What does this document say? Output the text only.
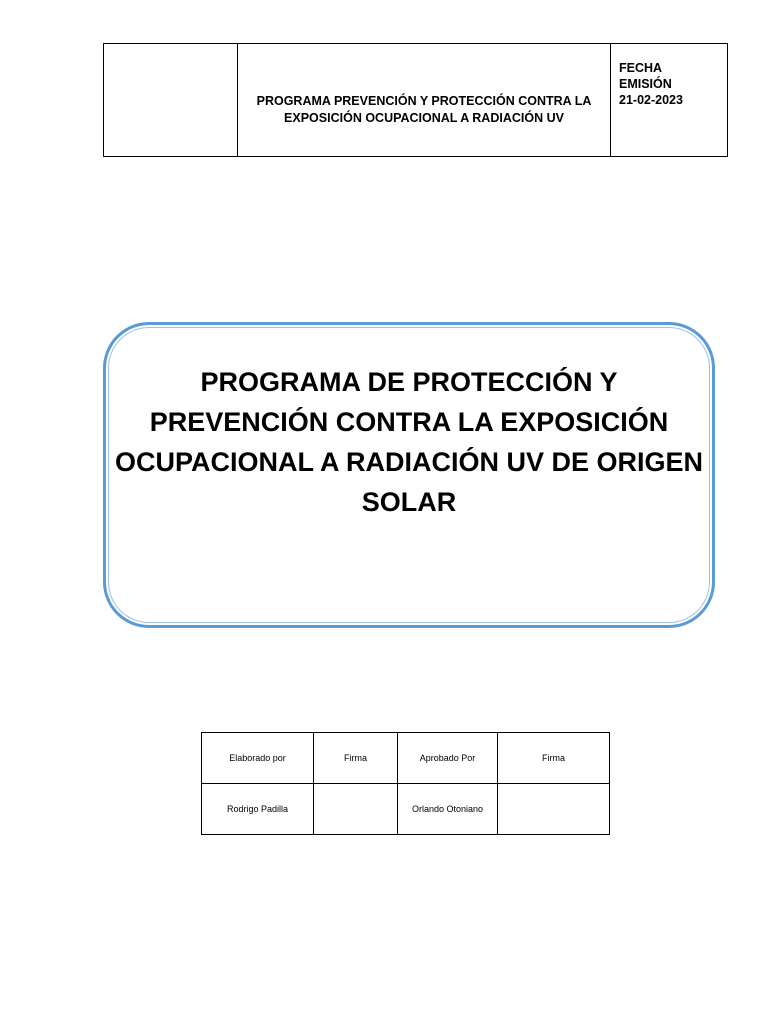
	PROGRAMA PREVENCIÓN Y PROTECCIÓN CONTRA LA EXPOSICIÓN OCUPACIONAL A RADIACIÓN UV	
FECHA
EMISIÓN
21-02-2023
PROGRAMA DE PROTECCIÓN Y
PREVENCIÓN CONTRA LA EXPOSICIÓN
OCUPACIONAL A RADIACIÓN UV DE ORIGEN
SOLAR
Elaborado por	Firma	Aprobado Por	Firma
Rodrigo Padilla		Orlando Otoniano	
